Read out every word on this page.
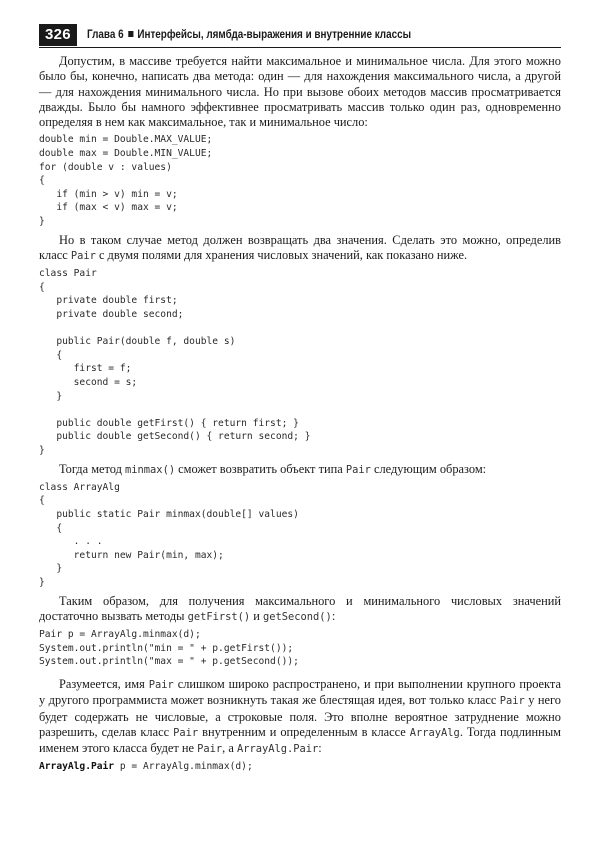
326	Глава 6 Интерфейсы, лямбда-выражения и внутренние классы

Допустим, в массиве требуется найти максимальное и минимальное числа. Для этого можно было бы, конечно, написать два метода: один — для нахождения максимального числа, а другой — для нахождения минимального числа. Но при вызове обоих методов массив просматривается дважды. Было бы намного эффективнее просматривать массив только один раз, одновременно определяя в нем как максимальное, так и минимальное число:

double min = Double.MAX_VALUE;
double max = Double.MIN_VALUE;
for (double v : values)
{
if (min > v) min = v;
if (max < v) max = v;
}

Но в таком случае метод должен возвращать два значения. Сделать это можно, определив класс Pair с двумя полями для хранения числовых значений, как показано ниже.

class Pair
{
private double first;
private double second;

public Pair(double f, double s)
{
first = f;
second = s;
}

public double getFirst() { return first; }
public double getSecond() { return second; }
}

Тогда метод minmax() сможет возвратить объект типа Pair следующим образом:

class ArrayAlg
{
public static Pair minmax(double[] values)
{
. . .
return new Pair(min, max);
}
}

Таким образом, для получения максимального и минимального числовых значений достаточно вызвать методы getFirst() и getSecond():

Pair p = ArrayAlg.minmax(d);
System.out.println("min = " + p.getFirst());
System.out.println("max = " + p.getSecond());

Разумеется, имя Pair слишком широко распространено, и при выполнении крупного проекта у другого программиста может возникнуть такая же блестящая идея, вот только класс Pair у него будет содержать не числовые, а строковые поля. Это вполне вероятное затруднение можно разрешить, сделав класс Pair внутренним и определенным в классе ArrayAlg. Тогда подлинным именем этого класса будет не Pair, а ArrayAlg.Pair:

ArrayAlg.Pair p = ArrayAlg.minmax(d);
